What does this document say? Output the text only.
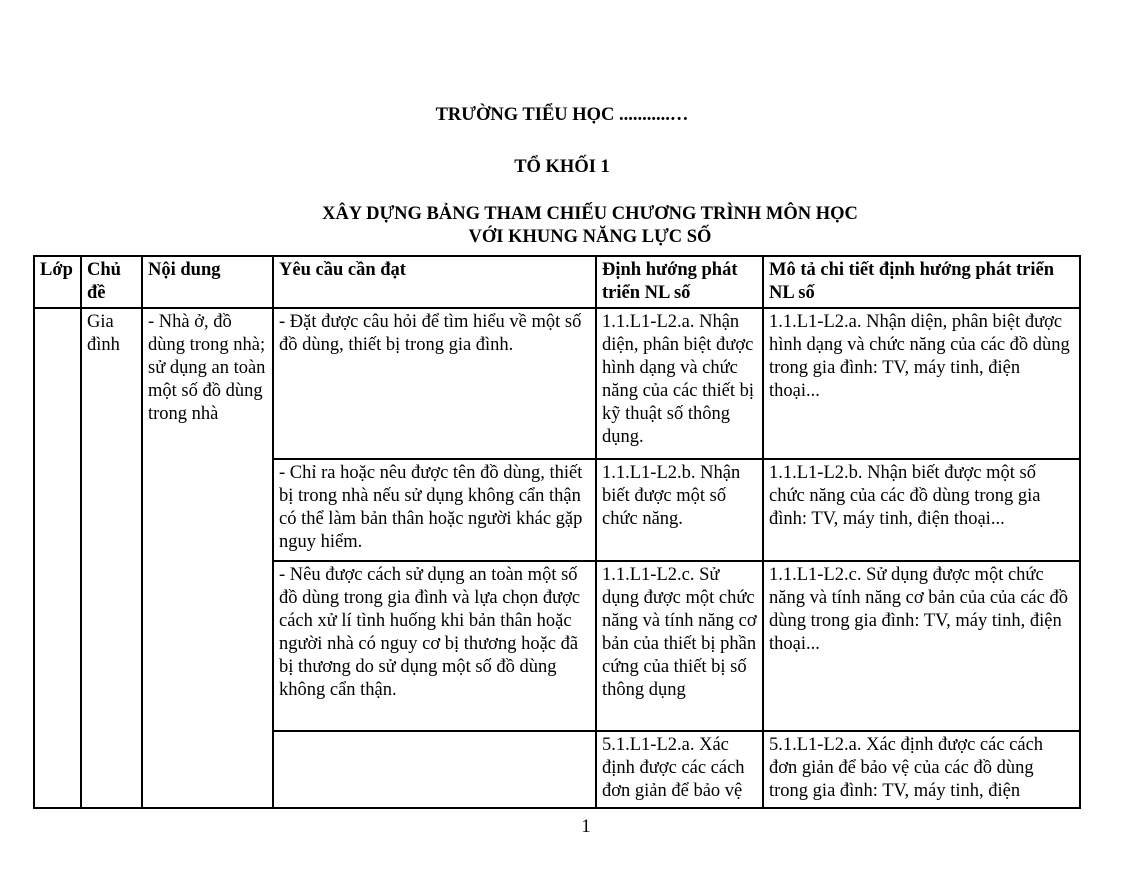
TRƯỜNG TIỂU HỌC ...........…
TỔ KHỐI 1
XÂY DỰNG BẢNG THAM CHIẾU CHƯƠNG TRÌNH MÔN HỌC
VỚI KHUNG NĂNG LỰC SỐ
Lớp	Chủ đề	Nội dung	Yêu cầu cần đạt	Định hướng phát triển NL số	Mô tả chi tiết định hướng phát triển NL số
	Gia đình	- Nhà ở, đồ dùng trong nhà; sử dụng an toàn một số đồ dùng trong nhà	- Đặt được câu hỏi để tìm hiểu về một số đồ dùng, thiết bị trong gia đình.	1.1.L1-L2.a. Nhận diện, phân biệt được hình dạng và chức năng của các thiết bị kỹ thuật số thông dụng.	1.1.L1-L2.a. Nhận diện, phân biệt được hình dạng và chức năng của các đồ dùng trong gia đình: TV, máy tinh, điện thoại...
			- Chỉ ra hoặc nêu được tên đồ dùng, thiết bị trong nhà nếu sử dụng không cẩn thận có thể làm bản thân hoặc người khác gặp nguy hiểm.	1.1.L1-L2.b. Nhận biết được một số chức năng.	1.1.L1-L2.b. Nhận biết được một số chức năng của các đồ dùng trong gia đình: TV, máy tinh, điện thoại...
			- Nêu được cách sử dụng an toàn một số đồ dùng trong gia đình và lựa chọn được cách xử lí tình huống khi bản thân hoặc người nhà có nguy cơ bị thương hoặc đã bị thương do sử dụng một số đồ dùng không cẩn thận.	1.1.L1-L2.c. Sử dụng được một chức năng và tính năng cơ bản của thiết bị phần cứng của thiết bị số thông dụng	1.1.L1-L2.c. Sử dụng được một chức năng và tính năng cơ bản của của các đồ dùng trong gia đình: TV, máy tinh, điện thoại...
				5.1.L1-L2.a. Xác định được các cách đơn giản để bảo vệ	5.1.L1-L2.a. Xác định được các cách đơn giản để bảo vệ của các đồ dùng trong gia đình: TV, máy tinh, điện
1
